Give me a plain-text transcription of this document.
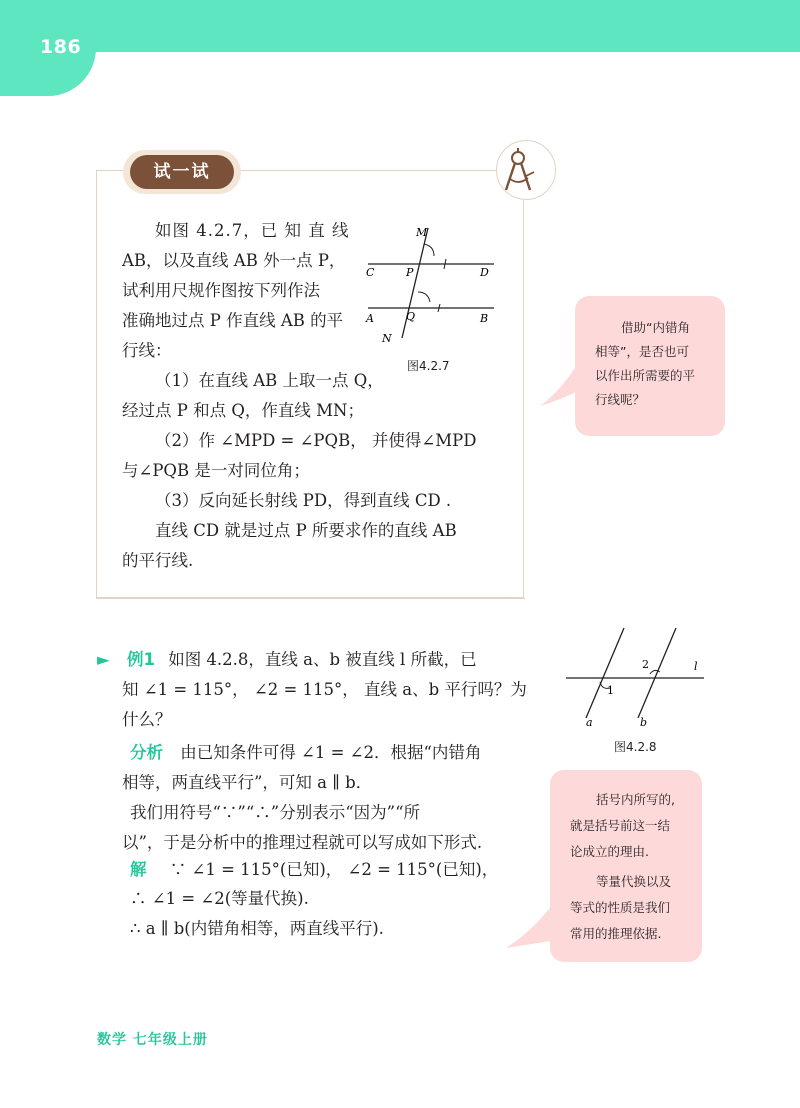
186
试一试
如图 4.2.7，已 知 直 线
AB，以及直线 AB 外一点 P，
试利用尺规作图按下列作法
准确地过点 P 作直线 AB 的平
行线：
（1）在直线 AB 上取一点 Q，
经过点 P 和点 Q，作直线 MN；
（2）作 ∠MPD = ∠PQB， 并使得∠MPD
与∠PQB 是一对同位角；
（3）反向延长射线 PD，得到直线 CD .
直线 CD 就是过点 P 所要求作的直线 AB
的平行线.
M
C	P	D
A	Q	B
N
图4.2.7

借助“内错角

相等”，是否也可

以作出所需要的平

行线呢？

► 例1 如图 4.2.8，直线 a、b 被直线 l 所截，已
知 ∠1 = 115°， ∠2 = 115°， 直线 a、b 平行吗？为
什么？
分析 由已知条件可得 ∠1 = ∠2．根据“内错角
相等，两直线平行”，可知 a ∥ b．
我们用符号“∵”“∴”分别表示“因为”“所
以”，于是分析中的推理过程就可以写成如下形式.
解 ∵ ∠1 = 115°(已知)， ∠2 = 115°(已知)，
∴ ∠1 = ∠2(等量代换).
∴ a ∥ b(内错角相等，两直线平行).
1
2	l
a	b
图4.2.8

括号内所写的,

就是括号前这一结

论成立的理由.

等量代换以及

等式的性质是我们

常用的推理依据.

数学 七年级上册
